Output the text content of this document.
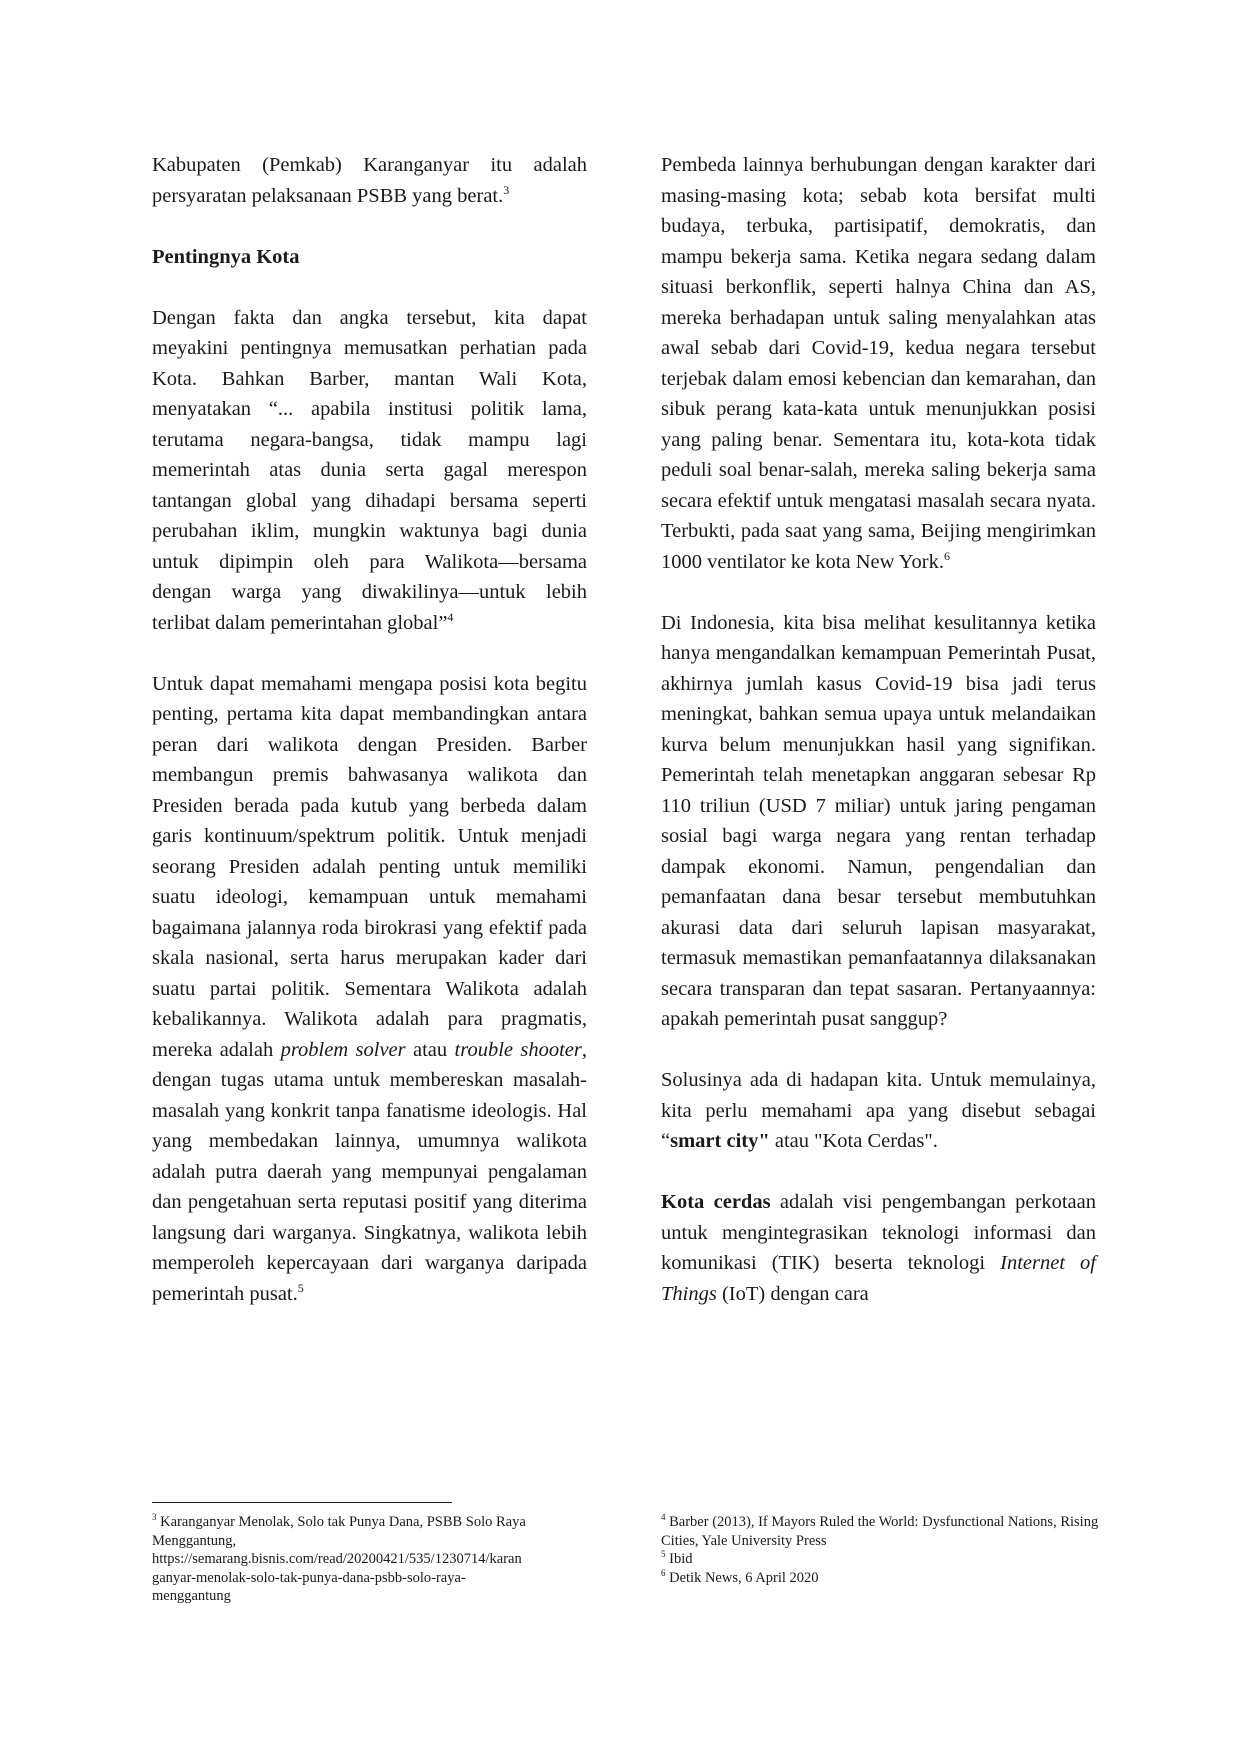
Kabupaten (Pemkab) Karanganyar itu adalah persyaratan pelaksanaan PSBB yang berat.$^3$

Pentingnya Kota

Dengan fakta dan angka tersebut, kita dapat meyakini pentingnya memusatkan perhatian pada Kota. Bahkan Barber, mantan Wali Kota, menyatakan “... apabila institusi politik lama, terutama negara-bangsa, tidak mampu lagi memerintah atas dunia serta gagal merespon tantangan global yang dihadapi bersama seperti perubahan iklim, mungkin waktunya bagi dunia untuk dipimpin oleh para Walikota—bersama dengan warga yang diwakilinya—untuk lebih terlibat dalam pemerintahan global”$^4$

Untuk dapat memahami mengapa posisi kota begitu penting, pertama kita dapat membandingkan antara peran dari walikota dengan Presiden. Barber membangun premis bahwasanya walikota dan Presiden berada pada kutub yang berbeda dalam garis kontinuum/spektrum politik. Untuk menjadi seorang Presiden adalah penting untuk memiliki suatu ideologi, kemampuan untuk memahami bagaimana jalannya roda birokrasi yang efektif pada skala nasional, serta harus merupakan kader dari suatu partai politik. Sementara Walikota adalah kebalikannya. Walikota adalah para pragmatis, mereka adalah problem solver atau trouble shooter, dengan tugas utama untuk membereskan masalah-masalah yang konkrit tanpa fanatisme ideologis. Hal yang membedakan lainnya, umumnya walikota adalah putra daerah yang mempunyai pengalaman dan pengetahuan serta reputasi positif yang diterima langsung dari warganya. Singkatnya, walikota lebih memperoleh kepercayaan dari warganya daripada pemerintah pusat.$^5$

Pembeda lainnya berhubungan dengan karakter dari masing-masing kota; sebab kota bersifat multi budaya, terbuka, partisipatif, demokratis, dan mampu bekerja sama. Ketika negara sedang dalam situasi berkonflik, seperti halnya China dan AS, mereka berhadapan untuk saling menyalahkan atas awal sebab dari Covid-19, kedua negara tersebut terjebak dalam emosi kebencian dan kemarahan, dan sibuk perang kata-kata untuk menunjukkan posisi yang paling benar. Sementara itu, kota-kota tidak peduli soal benar-salah, mereka saling bekerja sama secara efektif untuk mengatasi masalah secara nyata. Terbukti, pada saat yang sama, Beijing mengirimkan 1000 ventilator ke kota New York.$^6$

Di Indonesia, kita bisa melihat kesulitannya ketika hanya mengandalkan kemampuan Pemerintah Pusat, akhirnya jumlah kasus Covid-19 bisa jadi terus meningkat, bahkan semua upaya untuk melandaikan kurva belum menunjukkan hasil yang signifikan. Pemerintah telah menetapkan anggaran sebesar Rp 110 triliun (USD 7 miliar) untuk jaring pengaman sosial bagi warga negara yang rentan terhadap dampak ekonomi. Namun, pengendalian dan pemanfaatan dana besar tersebut membutuhkan akurasi data dari seluruh lapisan masyarakat, termasuk memastikan pemanfaatannya dilaksanakan secara transparan dan tepat sasaran. Pertanyaannya: apakah pemerintah pusat sanggup?

Solusinya ada di hadapan kita. Untuk memulainya, kita perlu memahami apa yang disebut sebagai “smart city" atau "Kota Cerdas".

Kota cerdas adalah visi pengembangan perkotaan untuk mengintegrasikan teknologi informasi dan komunikasi (TIK) beserta teknologi Internet of Things (IoT) dengan cara

$^3$ Karanganyar Menolak, Solo tak Punya Dana, PSBB Solo Raya Menggantung,

https://semarang.bisnis.com/read/20200421/535/1230714/karan
ganyar-menolak-solo-tak-punya-dana-psbb-solo-raya-
menggantung

$^4$ Barber (2013), If Mayors Ruled the World: Dysfunctional Nations, Rising Cities, Yale University Press

$^5$ Ibid

$^6$ Detik News, 6 April 2020
